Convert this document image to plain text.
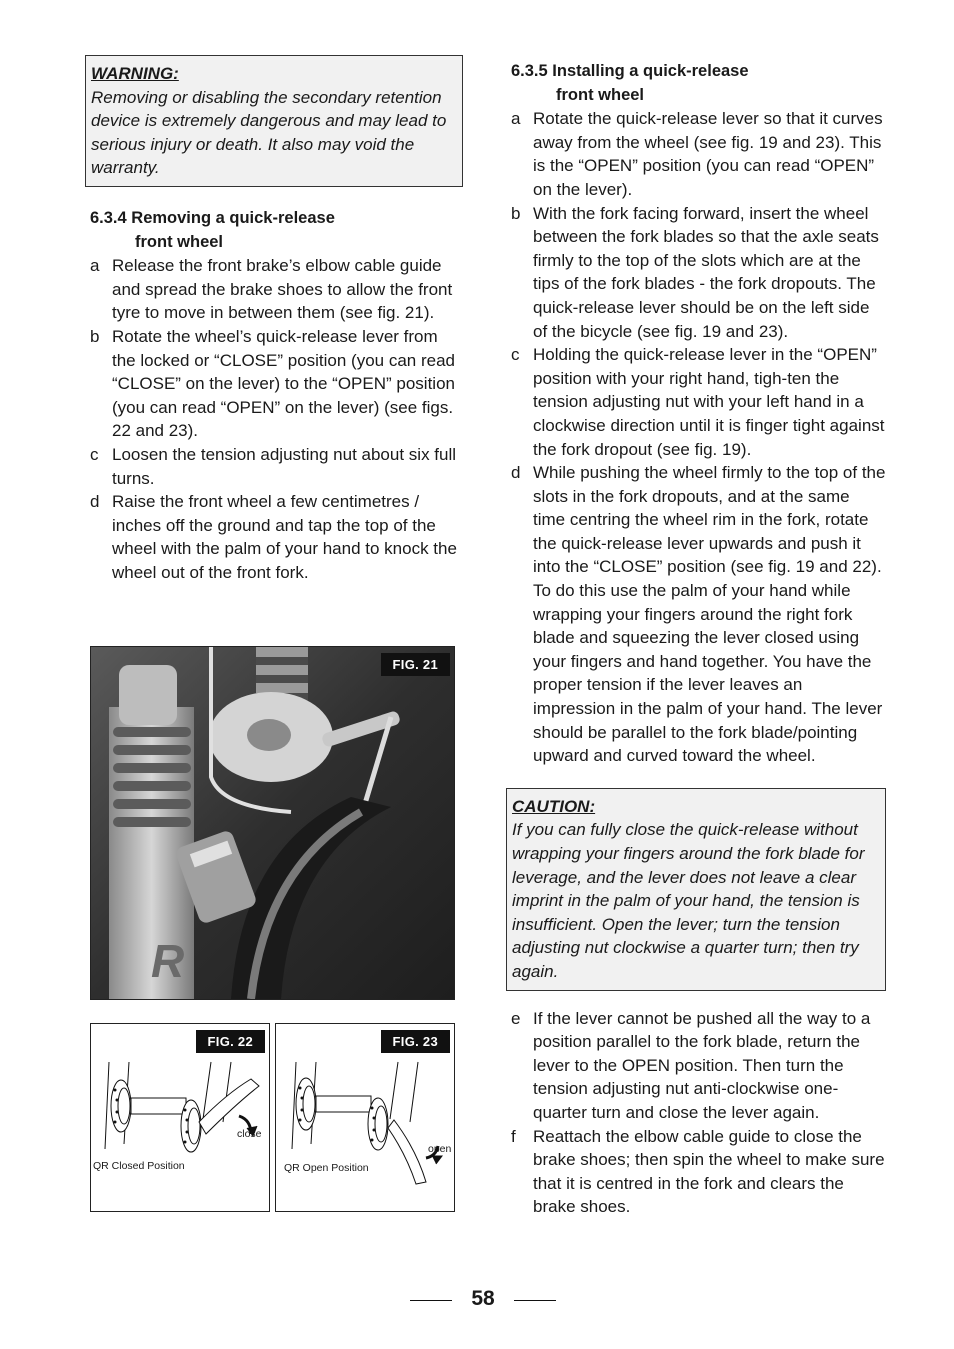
WARNING:
Removing or disabling the secondary retention device is extremely dangerous and may lead to serious injury or death. It also may void the warranty.
6.3.4 Removing a quick-release
front wheel
a Release the front brake’s elbow cable guide and spread the brake shoes to allow the front tyre to move in between them (see fig. 21).
b Rotate the wheel’s quick-release lever from the locked or “CLOSE” position (you can read “CLOSE” on the lever) to the “OPEN” position (you can read “OPEN” on the lever) (see figs. 22 and 23).
c Loosen the tension adjusting nut about six full turns.
d Raise the front wheel a few centimetres / inches off the ground and tap the top of the wheel with the palm of your hand to knock the wheel out of the front fork.
R
FIG. 21
FIG. 22
close
QR Closed Position
FIG. 23
open
QR Open Position
6.3.5 Installing a quick-release
front wheel
a Rotate the quick-release lever so that it curves away from the wheel (see fig. 19 and 23). This is the “OPEN” position (you can read “OPEN” on the lever).
b With the fork facing forward, insert the wheel between the fork blades so that the axle seats firmly to the top of the slots which are at the tips of the fork blades - the fork dropouts. The quick-release lever should be on the left side of the bicycle (see fig. 19 and 23).
c Holding the quick-release lever in the “OPEN” position with your right hand, tigh-ten the tension adjusting nut with your left hand in a clockwise direction until it is finger tight against the fork dropout (see fig. 19).
d While pushing the wheel firmly to the top of the slots in the fork dropouts, and at the same time centring the wheel rim in the fork, rotate the quick-release lever upwards and push it into the “CLOSE” position (see fig. 19 and 22). To do this use the palm of your hand while wrapping your fingers around the right fork blade and squeezing the lever closed using your fingers and hand together. You have the proper tension if the lever leaves an impression in the palm of your hand. The lever should be parallel to the fork blade/pointing upward and curved toward the wheel.
CAUTION:
If you can fully close the quick-release without wrapping your fingers around the fork blade for leverage, and the lever does not leave a clear imprint in the palm of your hand, the tension is insufficient. Open the lever; turn the tension adjusting nut clockwise a quarter turn; then try again.
e If the lever cannot be pushed all the way to a position parallel to the fork blade, return the lever to the OPEN position. Then turn the tension adjusting nut anti-clockwise one-quarter turn and close the lever again.
f Reattach the elbow cable guide to close the brake shoes; then spin the wheel to make sure that it is centred in the fork and clears the brake shoes.
58
